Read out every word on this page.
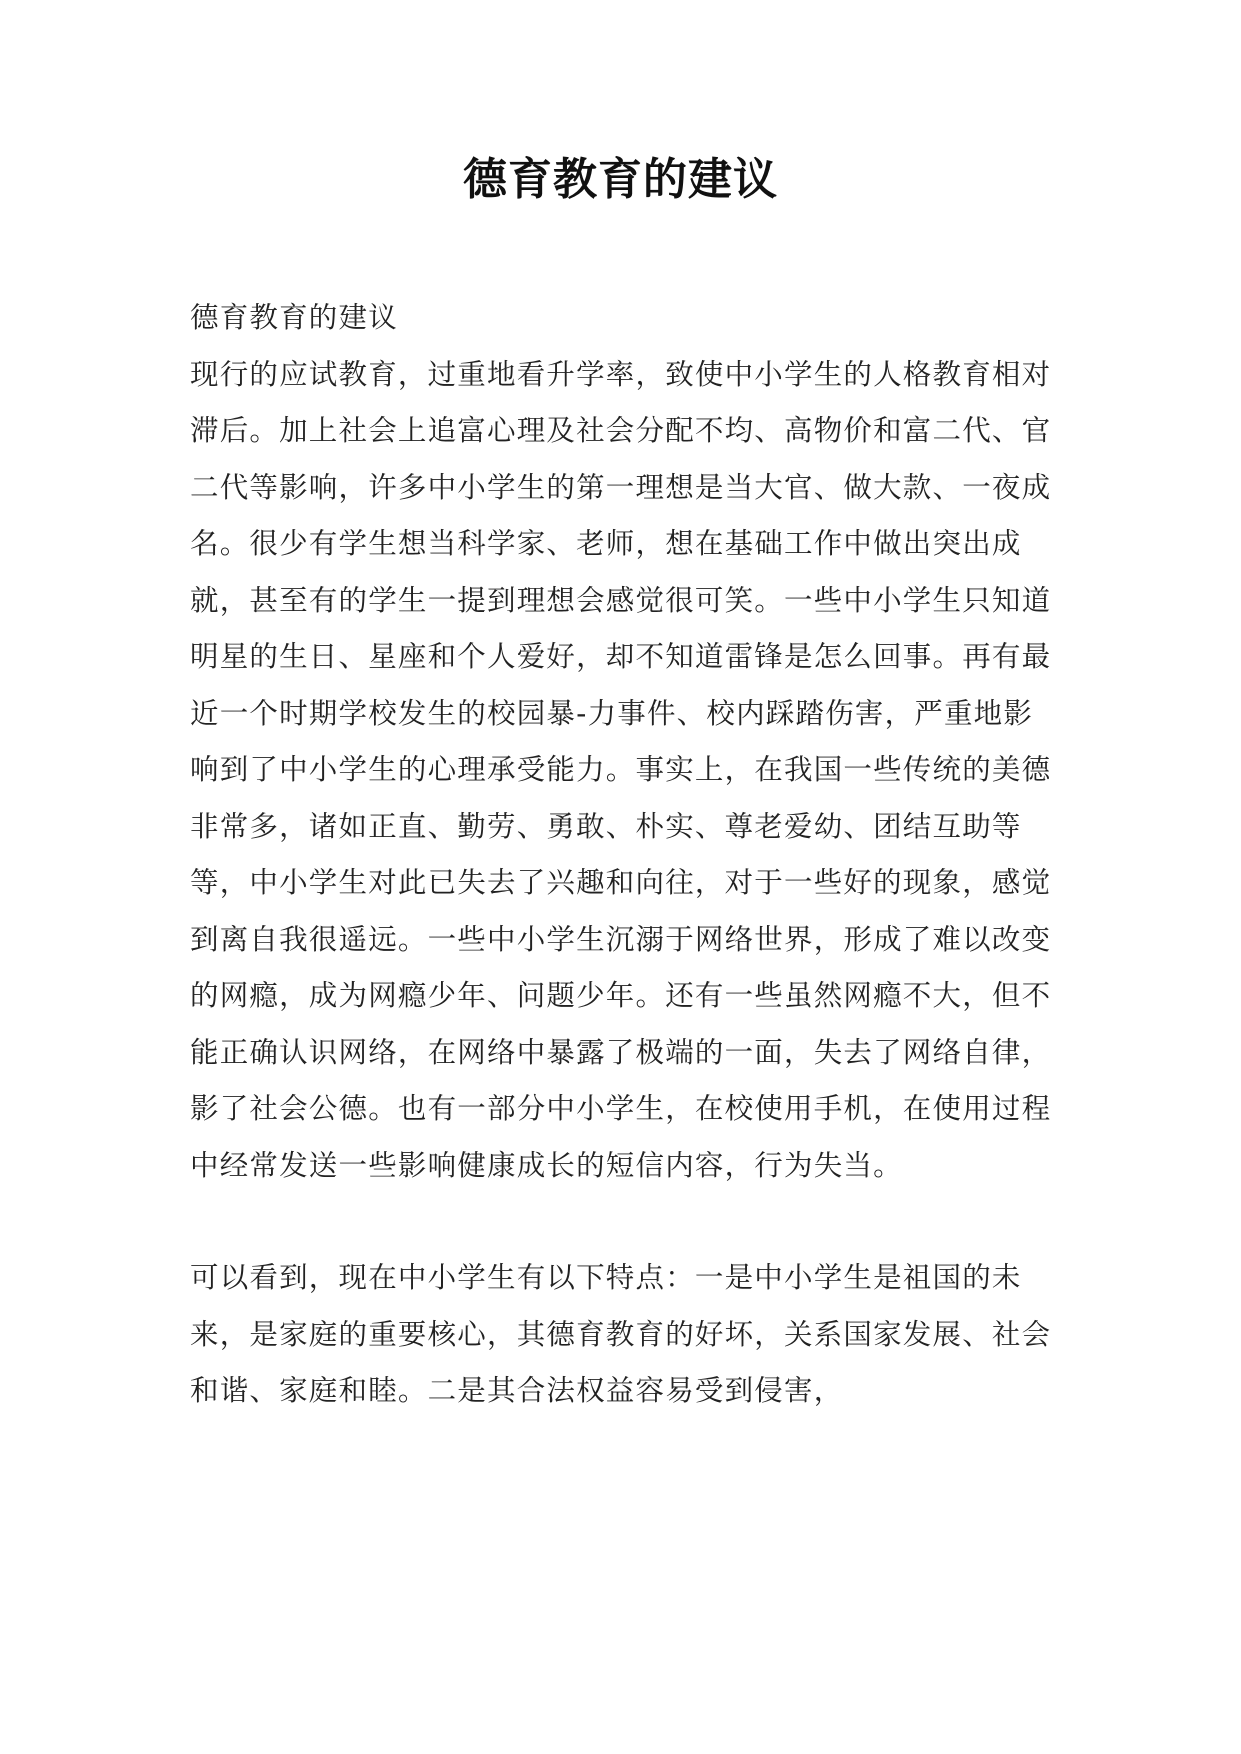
德育教育的建议

德育教育的建议

现行的应试教育，过重地看升学率，致使中小学生的人格教育相对滞后。加上社会上追富心理及社会分配不均、高物价和富二代、官二代等影响，许多中小学生的第一理想是当大官、做大款、一夜成名。很少有学生想当科学家、老师，想在基础工作中做出突出成就，甚至有的学生一提到理想会感觉很可笑。一些中小学生只知道明星的生日、星座和个人爱好，却不知道雷锋是怎么回事。再有最近一个时期学校发生的校园暴-力事件、校内踩踏伤害，严重地影响到了中小学生的心理承受能力。事实上，在我国一些传统的美德非常多，诸如正直、勤劳、勇敢、朴实、尊老爱幼、团结互助等等，中小学生对此已失去了兴趣和向往，对于一些好的现象，感觉到离自我很遥远。一些中小学生沉溺于网络世界，形成了难以改变的网瘾，成为网瘾少年、问题少年。还有一些虽然网瘾不大，但不能正确认识网络，在网络中暴露了极端的一面，失去了网络自律，影了社会公德。也有一部分中小学生，在校使用手机，在使用过程中经常发送一些影响健康成长的短信内容，行为失当。

可以看到，现在中小学生有以下特点：一是中小学生是祖国的未来，是家庭的重要核心，其德育教育的好坏，关系国家发展、社会和谐、家庭和睦。二是其合法权益容易受到侵害，
